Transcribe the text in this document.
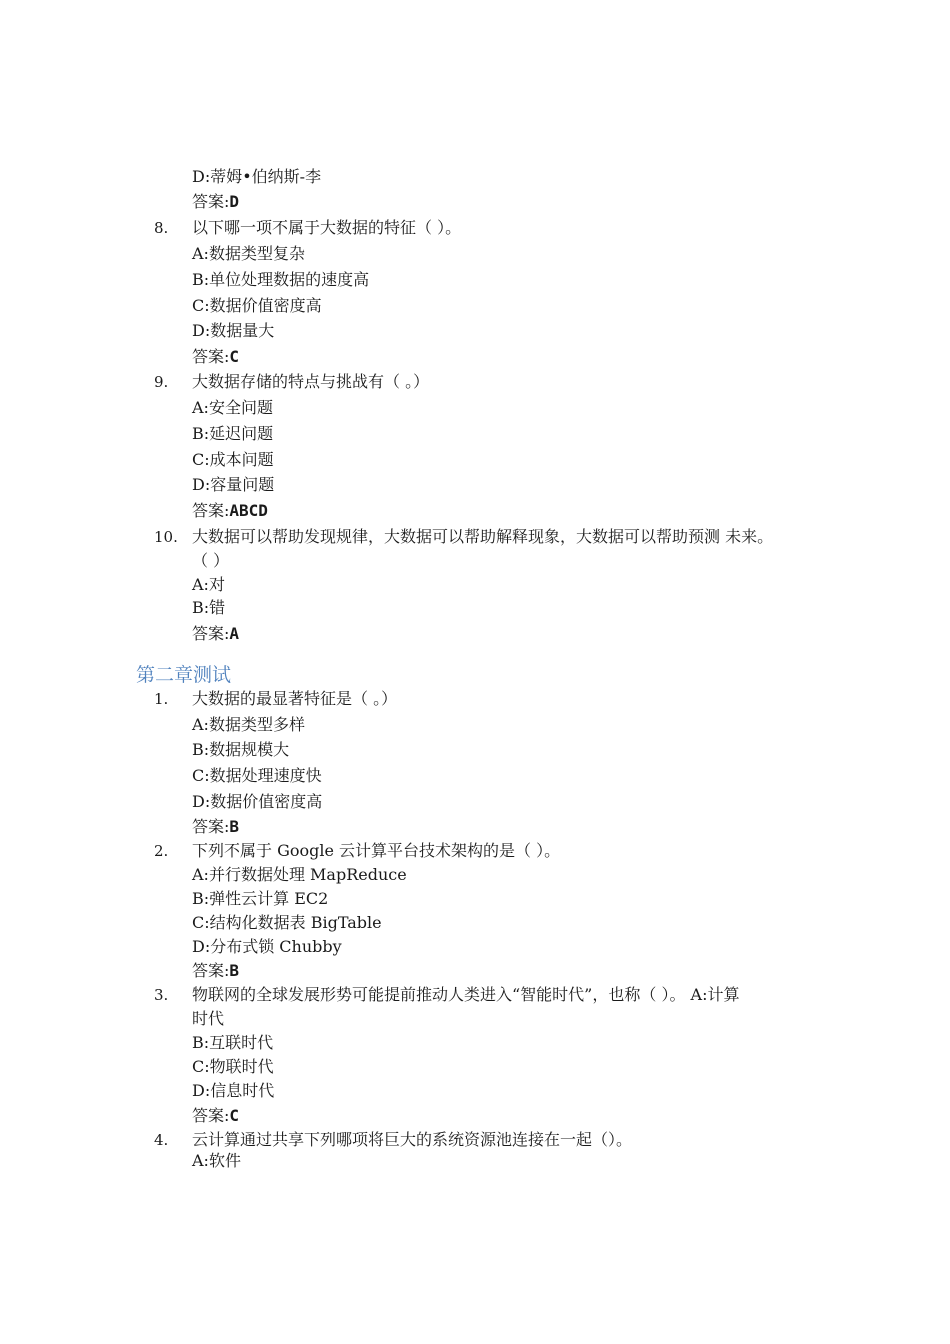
D:蒂姆•伯纳斯-李
答案:D
8. 以下哪一项不属于大数据的特征（ ）。
A:数据类型复杂
B:单位处理数据的速度高
C:数据价值密度高
D:数据量大
答案:C
9. 大数据存储的特点与挑战有（ 。）
A:安全问题
B:延迟问题
C:成本问题
D:容量问题
答案:ABCD
10. 大数据可以帮助发现规律，大数据可以帮助解释现象，大数据可以帮助预测 未来。
（ ）
A:对
B:错
答案:A
第二章测试
1. 大数据的最显著特征是（ 。）
A:数据类型多样
B:数据规模大
C:数据处理速度快
D:数据价值密度高
答案:B
2. 下列不属于 Google 云计算平台技术架构的是（ ）。
A:并行数据处理 MapReduce
B:弹性云计算 EC2
C:结构化数据表 BigTable
D:分布式锁 Chubby
答案:B
3. 物联网的全球发展形势可能提前推动人类进入“智能时代”，也称（ ）。 A:计算
时代
B:互联时代
C:物联时代
D:信息时代
答案:C
4. 云计算通过共享下列哪项将巨大的系统资源池连接在一起（）。
A:软件
